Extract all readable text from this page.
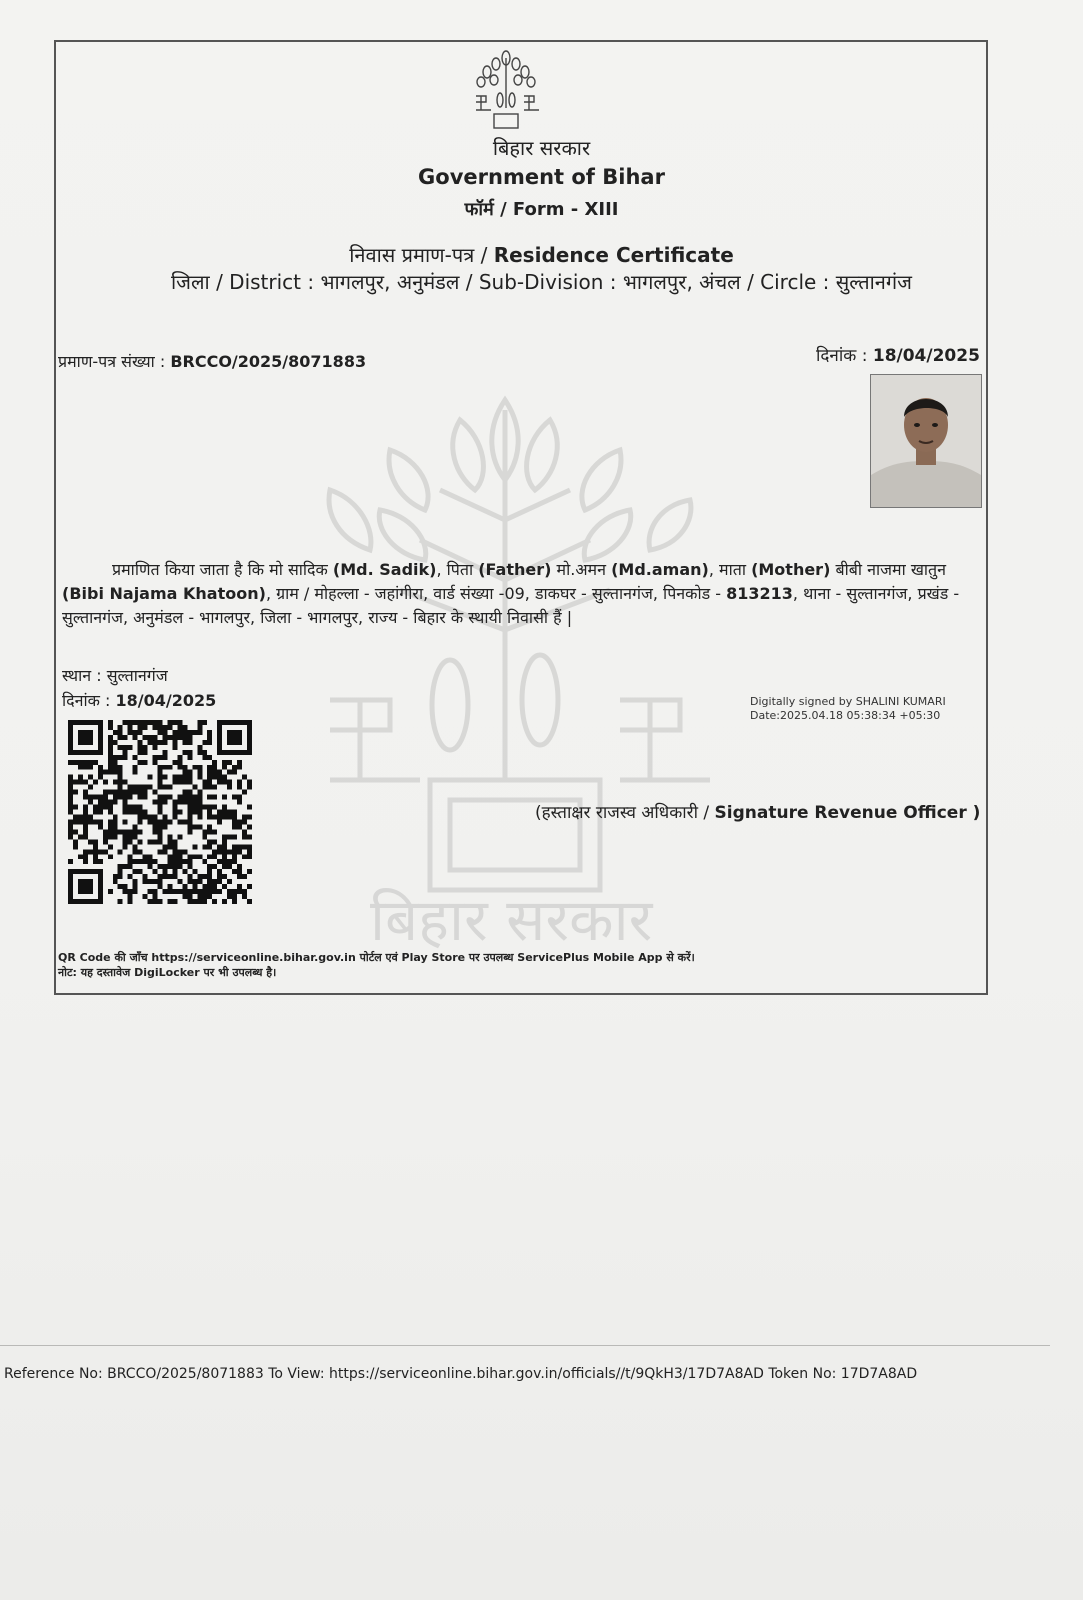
बिहार सरकार
बिहार सरकार
Government of Bihar
फॉर्म / Form - XIII
निवास प्रमाण-पत्र / Residence Certificate
जिला / District : भागलपुर, अनुमंडल / Sub-Division : भागलपुर, अंचल / Circle : सुल्तानगंज
प्रमाण-पत्र संख्या : BRCCO/2025/8071883	दिनांक : 18/04/2025
प्रमाणित किया जाता है कि मो सादिक (Md. Sadik), पिता (Father) मो.अमन (Md.aman), माता (Mother) बीबी नाजमा खातुन (Bibi Najama Khatoon), ग्राम / मोहल्ला - जहांगीरा, वार्ड संख्या -09, डाकघर - सुल्तानगंज, पिनकोड - 813213, थाना - सुल्तानगंज, प्रखंड - सुल्तानगंज, अनुमंडल - भागलपुर, जिला - भागलपुर, राज्य - बिहार के स्थायी निवासी हैं |
स्थान : सुल्तानगंज
दिनांक : 18/04/2025	Digitally signed by SHALINI KUMARI
Date:2025.04.18 05:38:34 +05:30
(हस्ताक्षर राजस्व अधिकारी / Signature Revenue Officer )
QR Code की जाँच https://serviceonline.bihar.gov.in पोर्टल एवं Play Store पर उपलब्ध ServicePlus Mobile App से करें।
नोट: यह दस्तावेज DigiLocker पर भी उपलब्ध है।
Reference No: BRCCO/2025/8071883 To View: https://serviceonline.bihar.gov.in/officials//t/9QkH3/17D7A8AD Token No: 17D7A8AD
